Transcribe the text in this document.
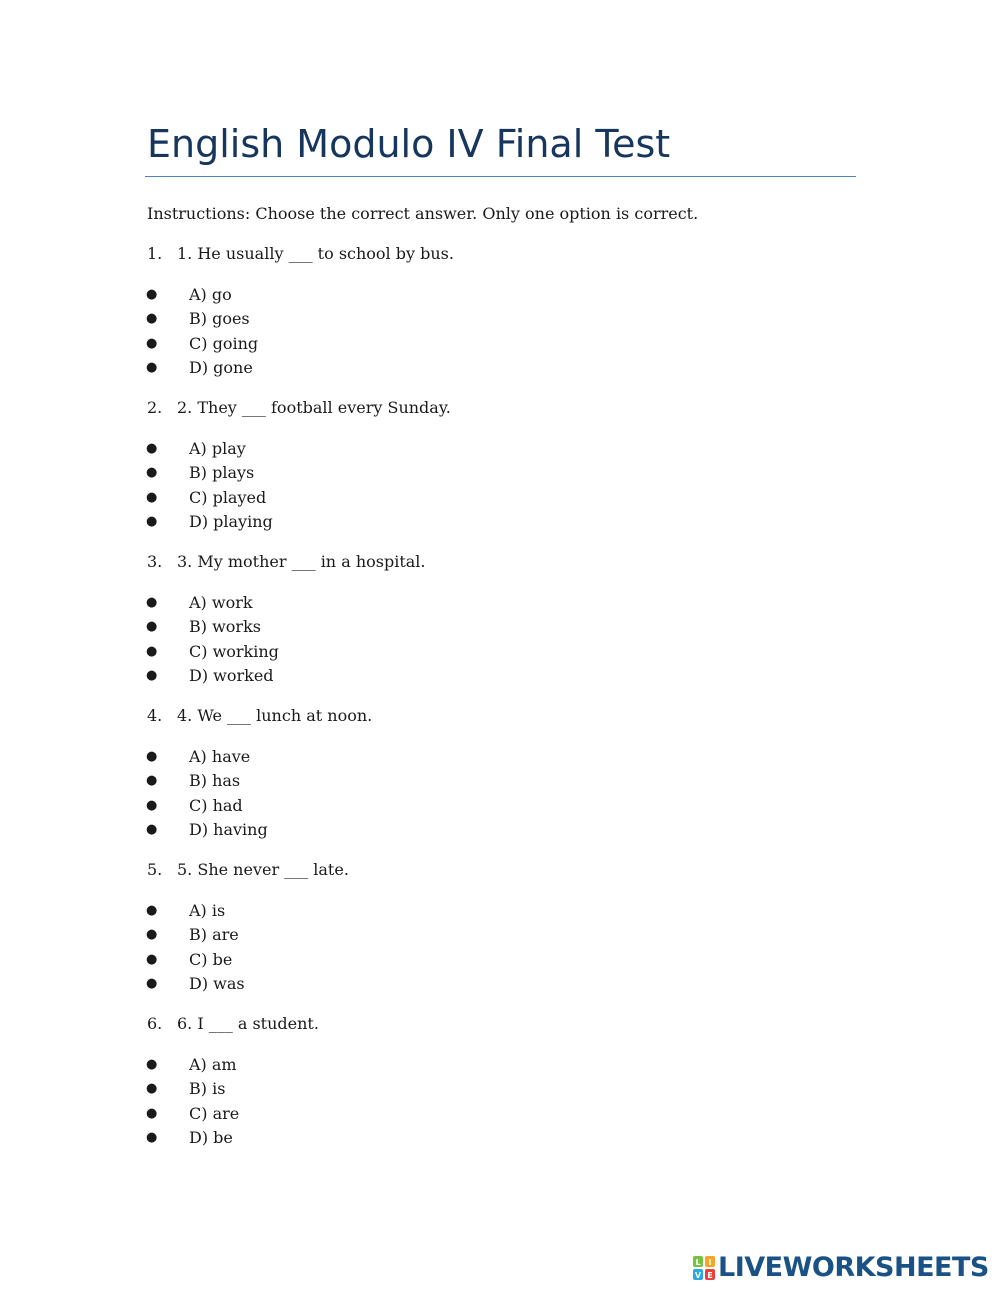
English Modulo IV Final Test
Instructions: Choose the correct answer. Only one option is correct.
1. 1. He usually ___ to school by bus.
● A) go
● B) goes
● C) going
● D) gone
2. 2. They ___ football every Sunday.
● A) play
● B) plays
● C) played
● D) playing
3. 3. My mother ___ in a hospital.
● A) work
● B) works
● C) working
● D) worked
4. 4. We ___ lunch at noon.
● A) have
● B) has
● C) had
● D) having
5. 5. She never ___ late.
● A) is
● B) are
● C) be
● D) was
6. 6. I ___ a student.
● A) am
● B) is
● C) are
● D) be
L I
V E LIVEWORKSHEETS
